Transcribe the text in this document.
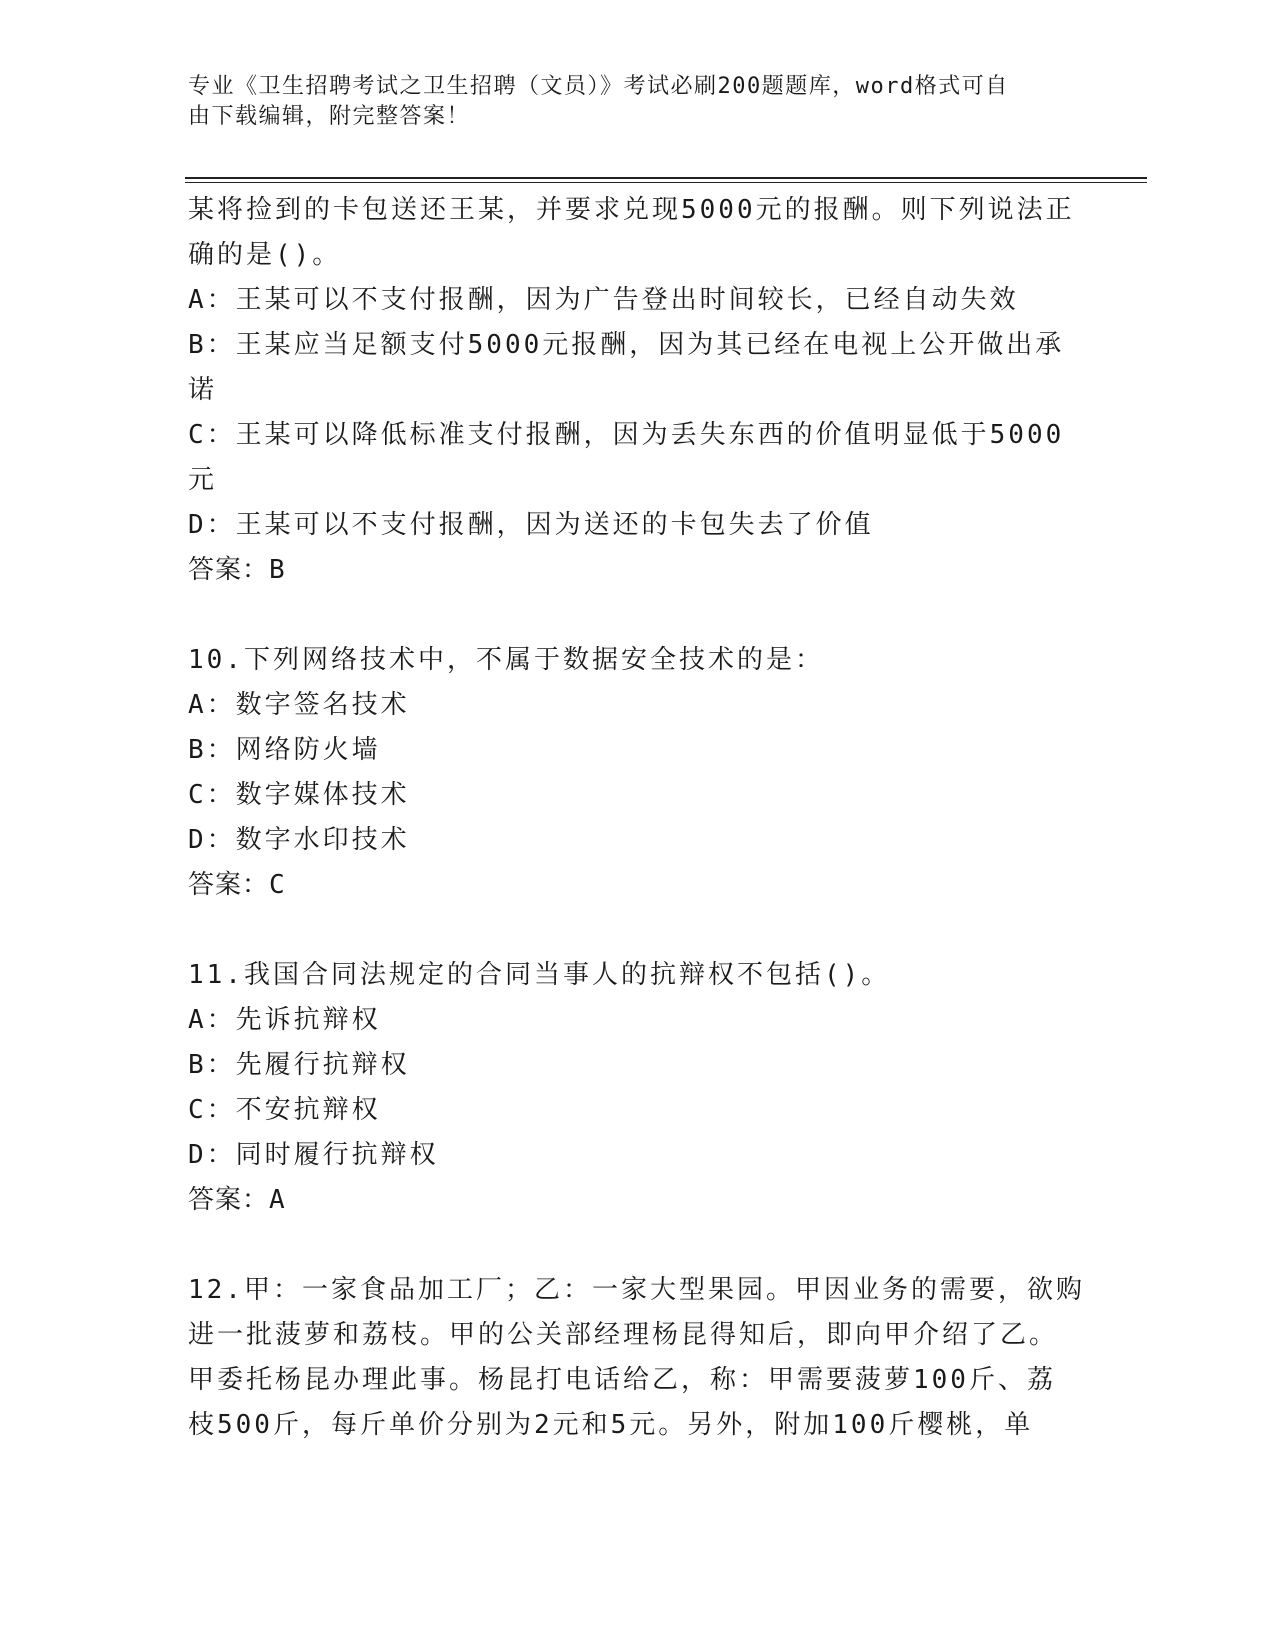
专业《卫生招聘考试之卫生招聘（文员）》考试必刷200题题库，word格式可自
由下载编辑，附完整答案！
某将捡到的卡包送还王某，并要求兑现5000元的报酬。则下列说法正
确的是()。
A：王某可以不支付报酬，因为广告登出时间较长，已经自动失效
B：王某应当足额支付5000元报酬，因为其已经在电视上公开做出承
诺
C：王某可以降低标准支付报酬，因为丢失东西的价值明显低于5000
元
D：王某可以不支付报酬，因为送还的卡包失去了价值
答案：B
10.下列网络技术中，不属于数据安全技术的是：
A：数字签名技术
B：网络防火墙
C：数字媒体技术
D：数字水印技术
答案：C
11.我国合同法规定的合同当事人的抗辩权不包括()。
A：先诉抗辩权
B：先履行抗辩权
C：不安抗辩权
D：同时履行抗辩权
答案：A
12.甲：一家食品加工厂；乙：一家大型果园。甲因业务的需要，欲购
进一批菠萝和荔枝。甲的公关部经理杨昆得知后，即向甲介绍了乙。
甲委托杨昆办理此事。杨昆打电话给乙，称：甲需要菠萝100斤、荔
枝500斤，每斤单价分别为2元和5元。另外，附加100斤樱桃，单
